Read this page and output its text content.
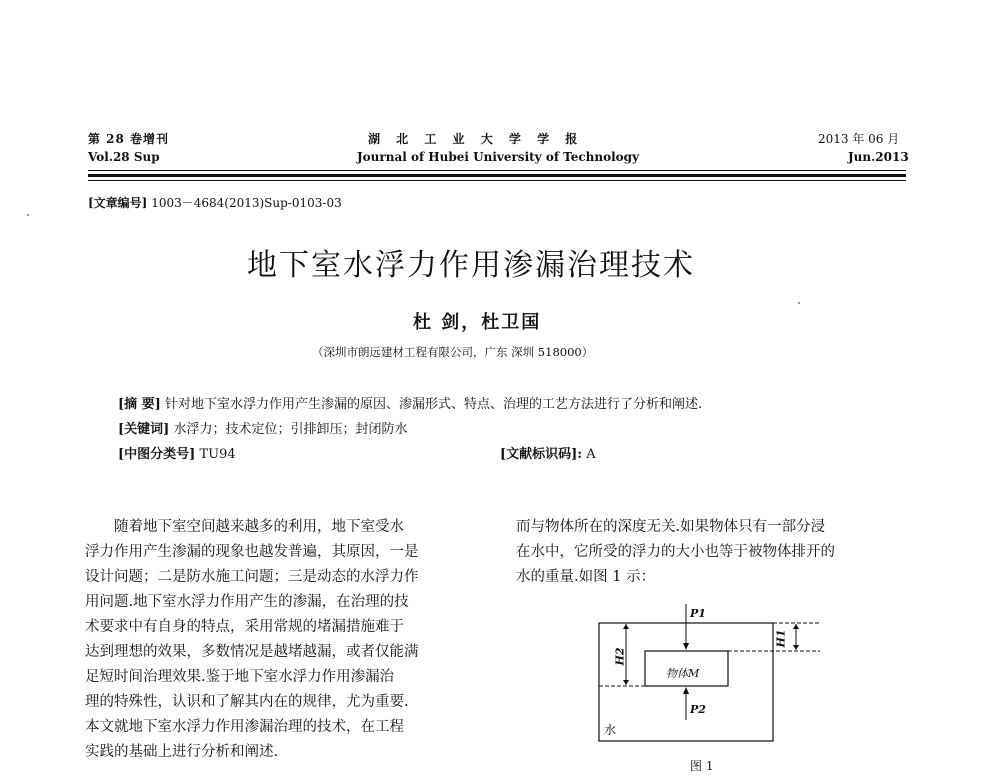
第 28 卷增刊
Vol.28 Sup
湖 北 工 业 大 学 学 报
Journal of Hubei University of Technology
2013 年 06 月
Jun.2013
[文章编号] 1003－4684(2013)Sup-0103-03
地下室水浮力作用渗漏治理技术
杜 剑，杜卫国
（深圳市朗远建材工程有限公司，广东 深圳 518000）
[摘 要] 针对地下室水浮力作用产生渗漏的原因、渗漏形式、特点、治理的工艺方法进行了分析和阐述.
[关键词] 水浮力；技术定位；引排卸压；封闭防水
[中图分类号] TU94	[文献标识码]: A
随着地下室空间越来越多的利用，地下室受水
浮力作用产生渗漏的现象也越发普遍，其原因，一是
设计问题；二是防水施工问题；三是动态的水浮力作
用问题.地下室水浮力作用产生的渗漏，在治理的技
术要求中有自身的特点，采用常规的堵漏措施难于
达到理想的效果，多数情况是越堵越漏，或者仅能满
足短时间治理效果.鉴于地下室水浮力作用渗漏治
理的特殊性，认识和了解其内在的规律，尤为重要.
本文就地下室水浮力作用渗漏治理的技术，在工程
实践的基础上进行分析和阐述.
而与物体所在的深度无关.如果物体只有一部分浸
在水中，它所受的浮力的大小也等于被物体排开的
水的重量.如图 1 示：
P1
P2
H1
H2
物体M
水
图 1
